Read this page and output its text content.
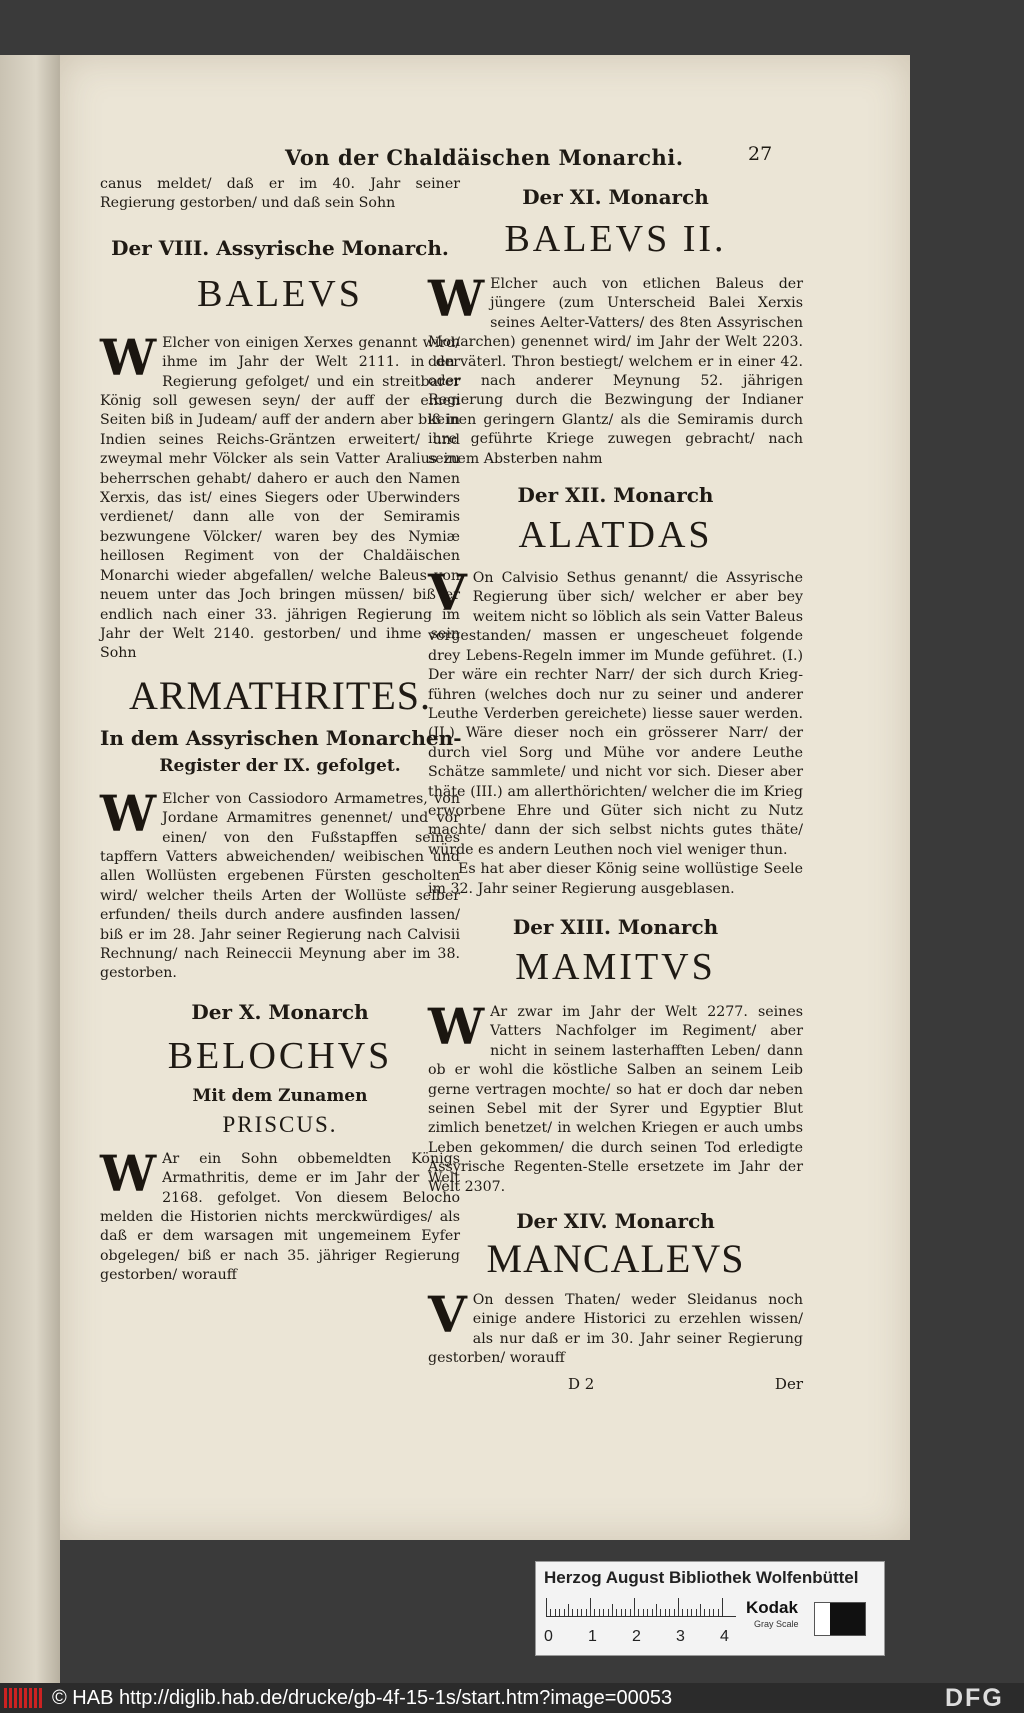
Von der Chaldäischen Monarchi.	27

canus meldet/ daß er im 40. Jahr seiner Regierung gestorben/ und daß sein Sohn

Der VIII. Assyrische Monarch.
BALEVS

W Elcher von einigen Xerxes genannt wird/ ihme im Jahr der Welt 2111. in der Regierung gefolget/ und ein streitbarer König soll gewesen seyn/ der auff der einen Seiten biß in Judeam/ auff der andern aber biß in Indien seines Reichs-Gräntzen erweitert/ und zweymal mehr Völcker als sein Vatter Aralius zu beherrschen gehabt/ dahero er auch den Namen Xerxis, das ist/ eines Siegers oder Uberwinders verdienet/ dann alle von der Semiramis bezwungene Völcker/ waren bey des Nymiæ heillosen Regiment von der Chaldäischen Monarchi wieder abgefallen/ welche Baleus von neuem unter das Joch bringen müssen/ biß er endlich nach einer 33. jährigen Regierung im Jahr der Welt 2140. gestorben/ und ihme sein Sohn

ARMATHRITES.
In dem Assyrischen Monarchen-
Register der IX. gefolget.

W Elcher von Cassiodoro Armametres, von Jordane Armamitres genennet/ und vor einen/ von den Fußstapffen seines tapffern Vatters abweichenden/ weibischen und allen Wollüsten ergebenen Fürsten gescholten wird/ welcher theils Arten der Wollüste selber erfunden/ theils durch andere ausfinden lassen/ biß er im 28. Jahr seiner Regierung nach Calvisii Rechnung/ nach Reineccii Meynung aber im 38. gestorben.

Der X. Monarch
BELOCHVS
Mit dem Zunamen
PRISCUS.

W Ar ein Sohn obbemeldten Königs Armathritis, deme er im Jahr der Welt 2168. gefolget. Von diesem Belocho melden die Historien nichts merckwürdiges/ als daß er dem warsagen mit ungemeinem Eyfer obgelegen/ biß er nach 35. jähriger Regierung gestorben/ worauff

Der XI. Monarch
BALEVS II.

W Elcher auch von etlichen Baleus der jüngere (zum Unterscheid Balei Xerxis seines Aelter-Vatters/ des 8ten Assyrischen Monarchen) genennet wird/ im Jahr der Welt 2203. den väterl. Thron bestiegt/ welchem er in einer 42. oder nach anderer Meynung 52. jährigen Regierung durch die Bezwingung der Indianer keinen geringern Glantz/ als die Semiramis durch ihre geführte Kriege zuwegen gebracht/ nach seinem Absterben nahm

Der XII. Monarch
ALATDAS

V On Calvisio Sethus genannt/ die Assyrische Regierung über sich/ welcher er aber bey weitem nicht so löblich als sein Vatter Baleus vorgestanden/ massen er ungescheuet folgende drey Lebens-Regeln immer im Munde geführet. (I.) Der wäre ein rechter Narr/ der sich durch Krieg-führen (welches doch nur zu seiner und anderer Leuthe Verderben gereichete) liesse sauer werden. (II.) Wäre dieser noch ein grösserer Narr/ der durch viel Sorg und Mühe vor andere Leuthe Schätze sammlete/ und nicht vor sich. Dieser aber thäte (III.) am allerthörichten/ welcher die im Krieg erworbene Ehre und Güter sich nicht zu Nutz machte/ dann der sich selbst nichts gutes thäte/ würde es andern Leuthen noch viel weniger thun.

Es hat aber dieser König seine wollüstige Seele im 32. Jahr seiner Regierung ausgeblasen.

Der XIII. Monarch
MAMITVS

W Ar zwar im Jahr der Welt 2277. seines Vatters Nachfolger im Regiment/ aber nicht in seinem lasterhafften Leben/ dann ob er wohl die köstliche Salben an seinem Leib gerne vertragen mochte/ so hat er doch dar neben seinen Sebel mit der Syrer und Egyptier Blut zimlich benetzet/ in welchen Kriegen er auch umbs Leben gekommen/ die durch seinen Tod erledigte Assyrische Regenten-Stelle ersetzete im Jahr der Welt 2307.

Der XIV. Monarch
MANCALEVS

V On dessen Thaten/ weder Sleidanus noch einige andere Historici zu erzehlen wissen/ als nur daß er im 30. Jahr seiner Regierung gestorben/ worauff

D 2	Der
Herzog August Bibliothek Wolfenbüttel
0 1 2 3 4
Kodak
Gray Scale
© HAB http://diglib.hab.de/drucke/gb-4f-15-1s/start.htm?image=00053	DFG
